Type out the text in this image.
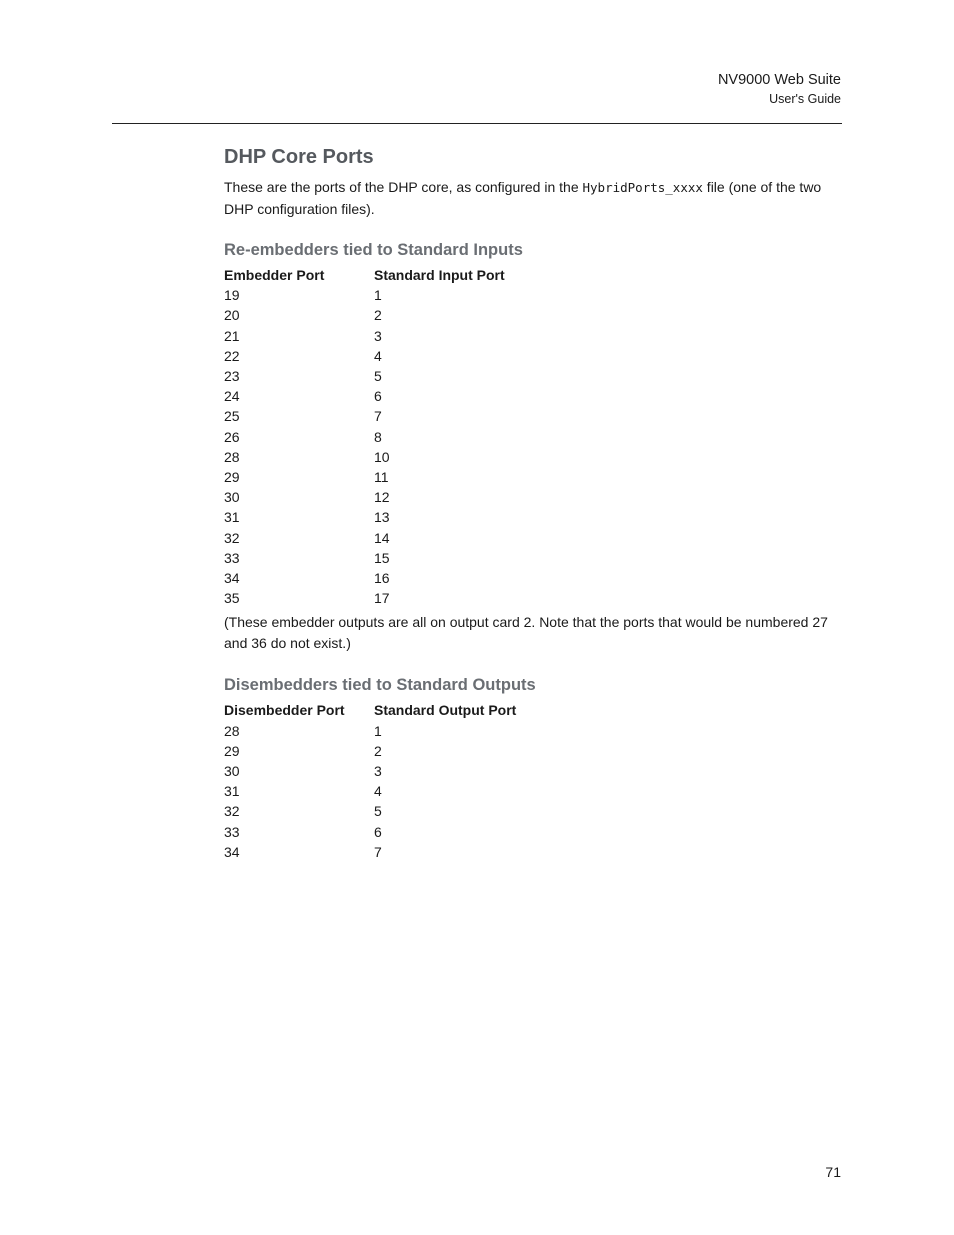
NV9000 Web Suite
User's Guide
DHP Core Ports

These are the ports of the DHP core, as configured in the HybridPorts_xxxx file (one of the two DHP configuration files).

Re-embedders tied to Standard Inputs
Embedder Port	Standard Input Port
19	1
20	2
21	3
22	4
23	5
24	6
25	7
26	8
28	10
29	11
30	12
31	13
32	14
33	15
34	16
35	17

(These embedder outputs are all on output card 2. Note that the ports that would be numbered 27 and 36 do not exist.)

Disembedders tied to Standard Outputs
Disembedder Port	Standard Output Port
28	1
29	2
30	3
31	4
32	5
33	6
34	7
71
